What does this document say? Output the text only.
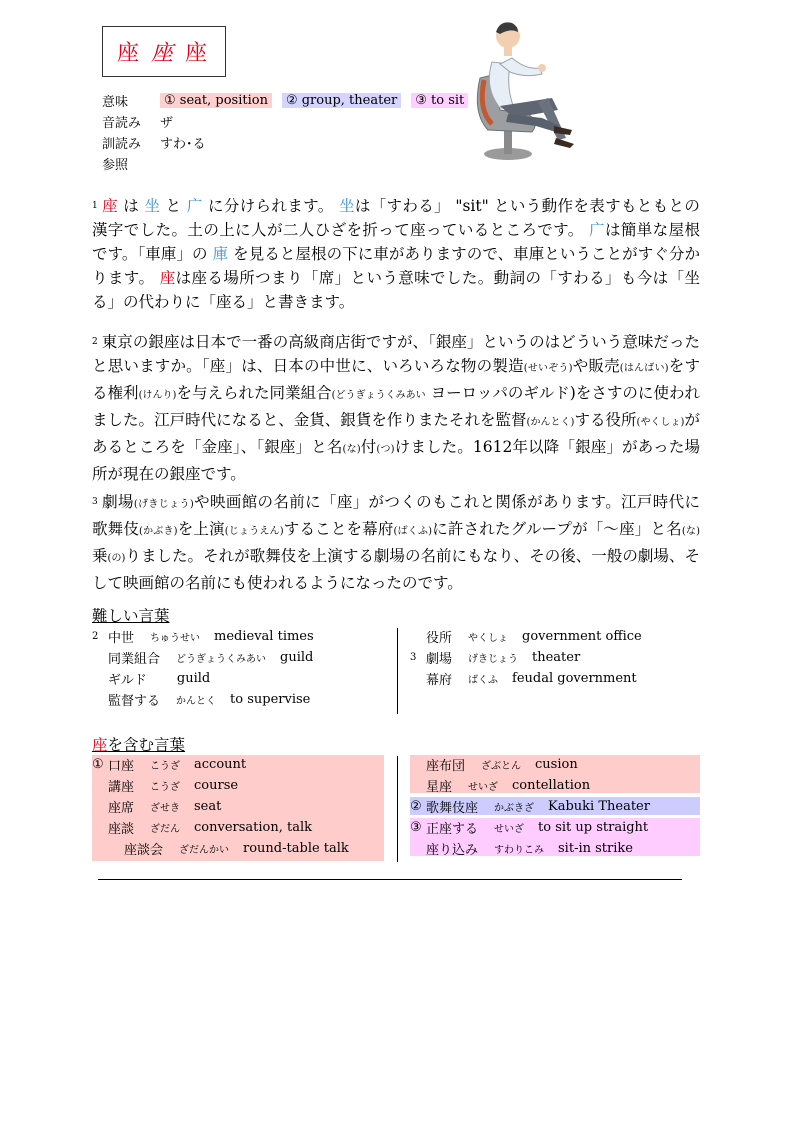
座 座 座
意味	① seat, position	② group, theater	③ to sit
音読み	ザ
訓読み	すわ･る
参照
$^1$ 座 は 坐 と 广 に分けられます。 坐は「すわる」 "sit" という動作を表すもともとの漢字でした。土の上に人が二人ひざを折って座っているところです。 广は簡単な屋根です。「車庫」の 庫 を見ると屋根の下に車がありますので、車庫ということがすぐ分かります。 座は座る場所つまり「席」という意味でした。動詞の「すわる」も今は「坐る」の代わりに「座る」と書きます。
$^2$ 東京の銀座は日本で一番の高級商店街ですが、「銀座」というのはどういう意味だったと思いますか。「座」は、日本の中世に、いろいろな物の製造(せいぞう)や販売(はんばい)をする権利(けんり)を与えられた同業組合(どうぎょうくみあい ヨーロッパのギルド)をさすのに使われました。江戸時代になると、金貨、銀貨を作りまたそれを監督(かんとく)する役所(やくしょ)があるところを「金座」、「銀座」と名(な)付(つ)けました。1612年以降「銀座」があった場所が現在の銀座です。
$^3$ 劇場(げきじょう)や映画館の名前に「座」がつくのもこれと関係があります。江戸時代に歌舞伎(かぶき)を上演(じょうえん)することを幕府(ばくふ)に許されたグループが「～座」と名(な)乗(の)りました。それが歌舞伎を上演する劇場の名前にもなり、その後、一般の劇場、そして映画館の名前にも使われるようになったのです。
難しい言葉
2 中世 ちゅうせい medieval times
同業組合 どうぎょうくみあい guild
ギルド guild
監督する かんとく to supervise
役所 やくしょ government office
3 劇場 げきじょう theater
幕府 ばくふ feudal government
座を含む言葉
① 口座 こうざ account
講座 こうざ course
座席 ざせき seat
座談 ざだん conversation, talk
座談会 ざだんかい round-table talk
座布団 ざぶとん cusion
星座 せいざ contellation
② 歌舞伎座 かぶきざ Kabuki Theater
③ 正座する せいざ to sit up straight
座り込み すわりこみ sit-in strike
